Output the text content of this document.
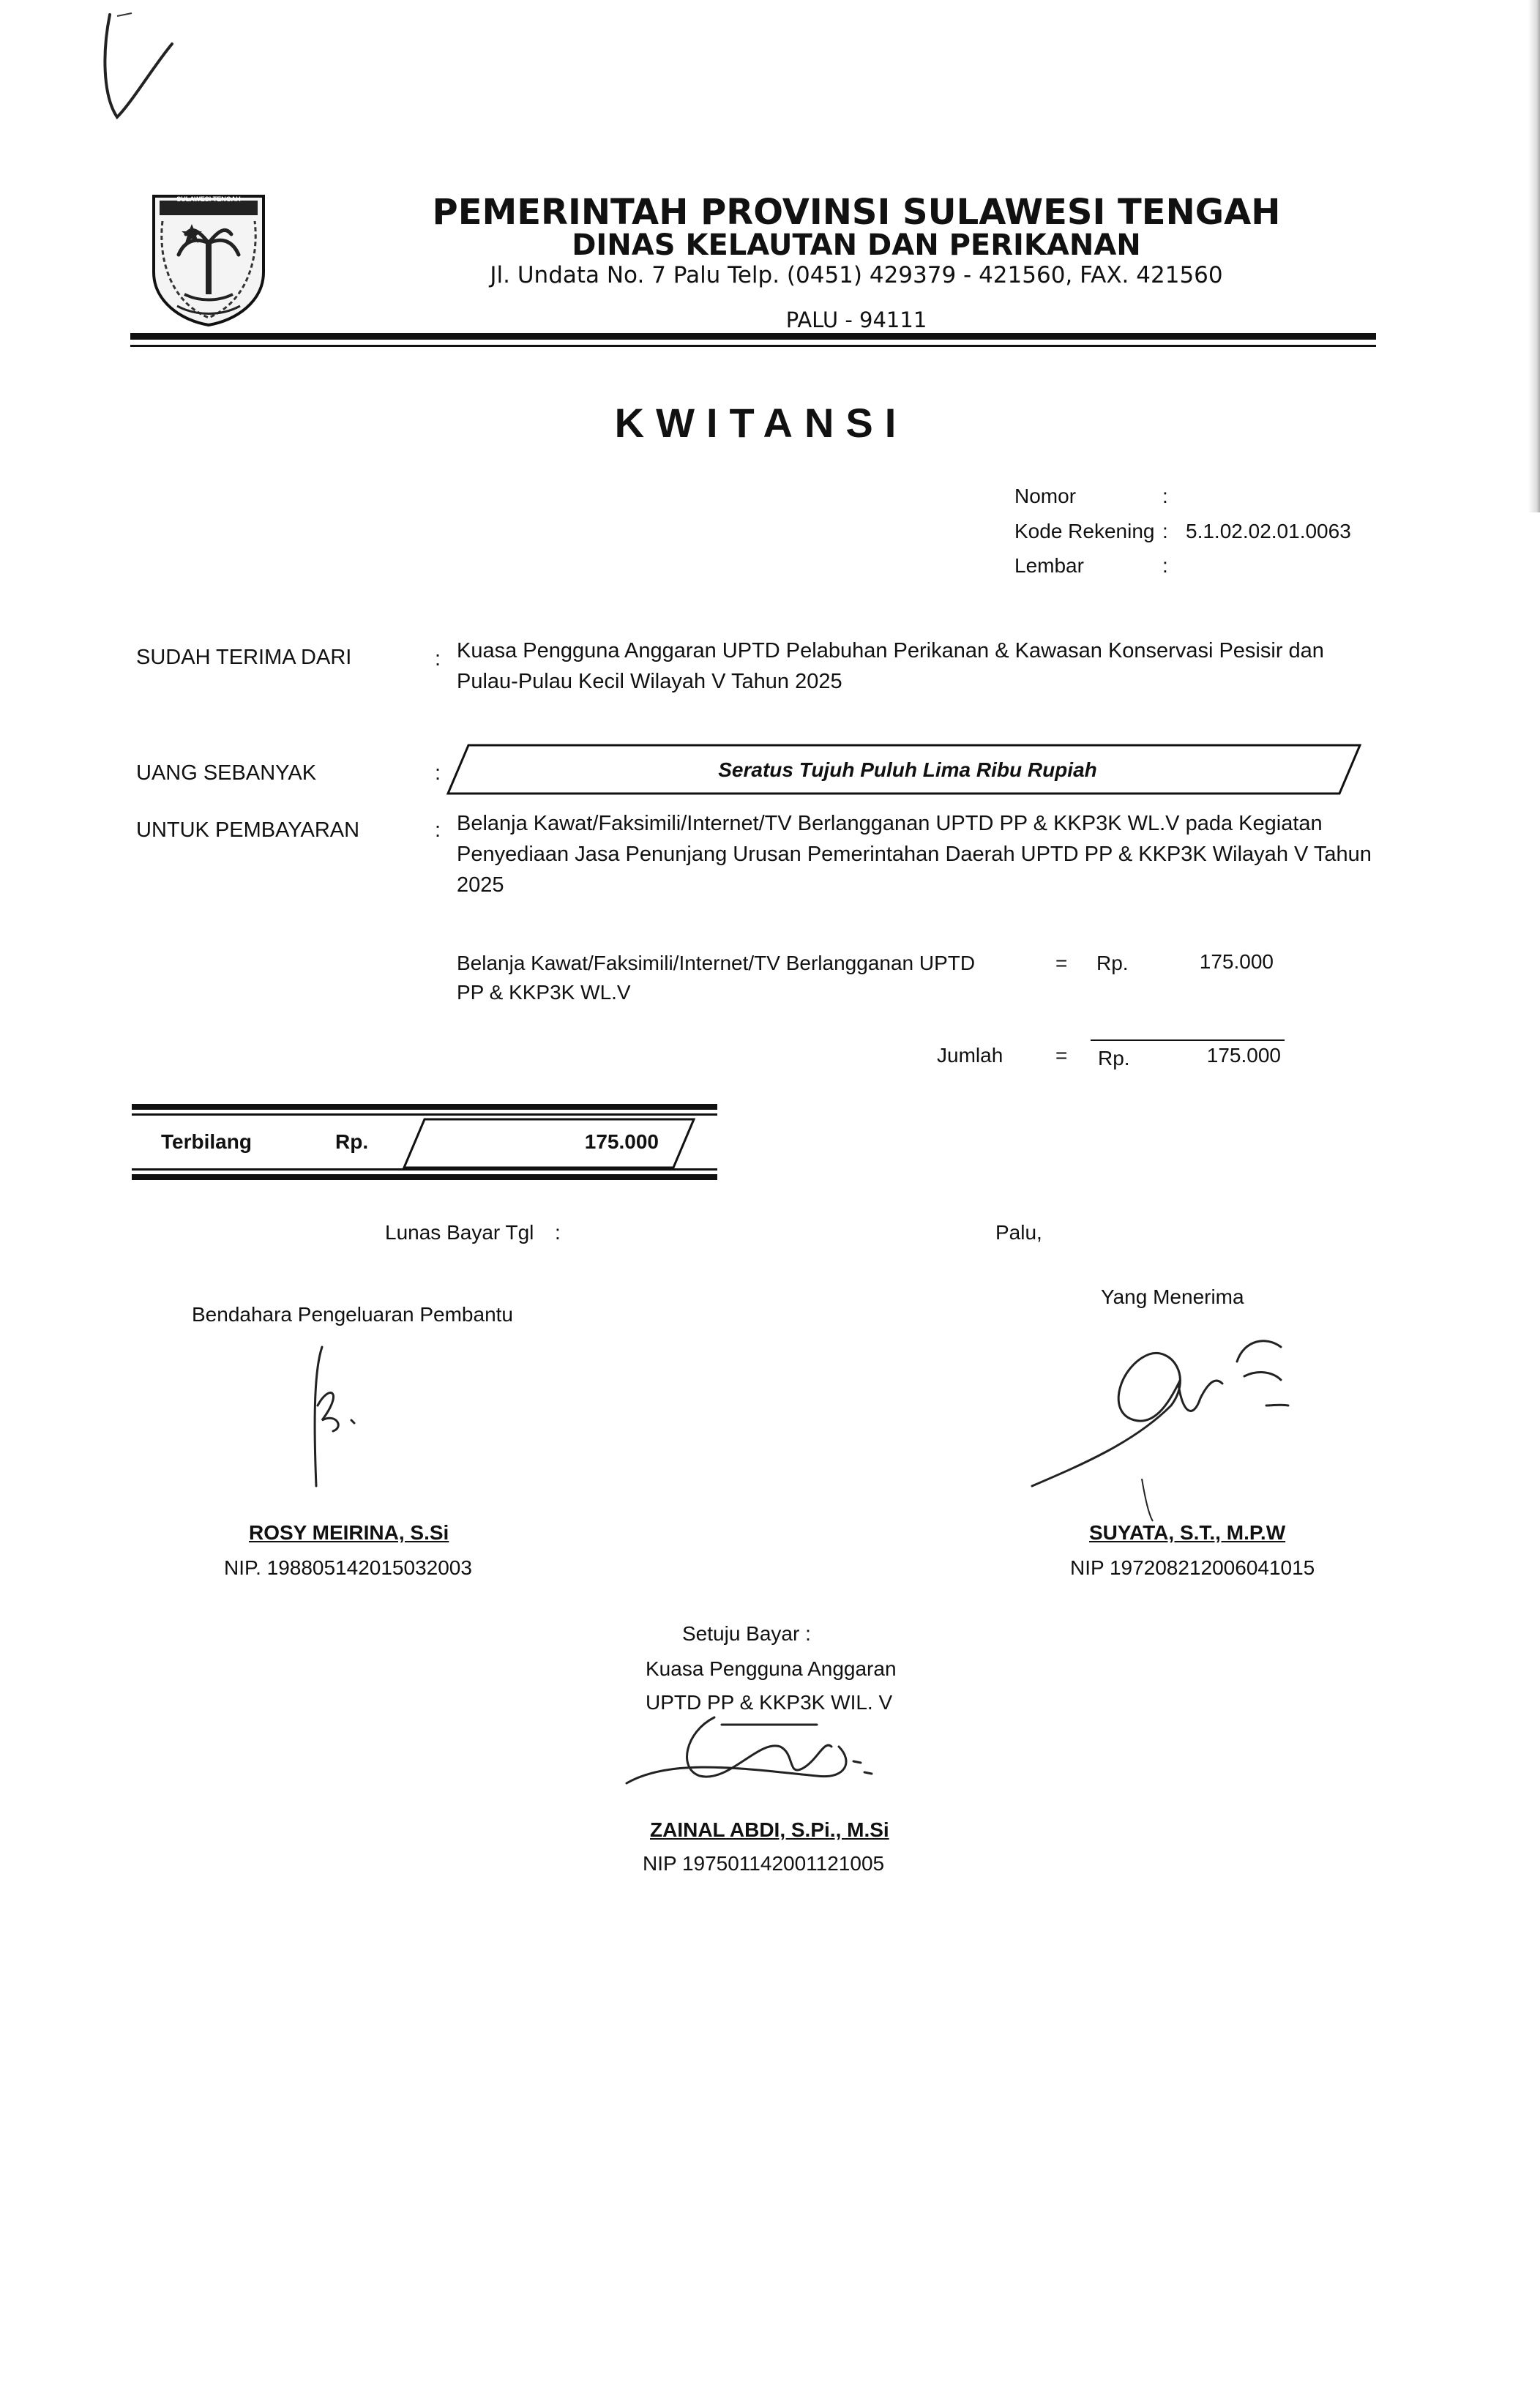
SULAWESI TENGAH	PEMERINTAH PROVINSI SULAWESI TENGAH
DINAS KELAUTAN DAN PERIKANAN
Jl. Undata No. 7 Palu Telp. (0451) 429379 - 421560, FAX. 421560
PALU - 94111
KWITANSI
Nomor	:
Kode Rekening : 5.1.02.02.01.0063
Lembar	:
SUDAH TERIMA DARI	: Kuasa Pengguna Anggaran UPTD Pelabuhan Perikanan & Kawasan Konservasi Pesisir dan Pulau-Pulau Kecil Wilayah V Tahun 2025
UANG SEBANYAK	:	Seratus Tujuh Puluh Lima Ribu Rupiah
UNTUK PEMBAYARAN	: Belanja Kawat/Faksimili/Internet/TV Berlangganan UPTD PP & KKP3K WL.V pada Kegiatan Penyediaan Jasa Penunjang Urusan Pemerintahan Daerah UPTD PP & KKP3K Wilayah V Tahun 2025
Belanja Kawat/Faksimili/Internet/TV Berlangganan UPTD PP & KKP3K WL.V
= Rp.	175.000
Jumlah	= Rp.	175.000
Terbilang	Rp.	175.000
Lunas Bayar Tgl :	Palu,
Bendahara Pengeluaran Pembantu
ROSY MEIRINA, S.Si
NIP. 198805142015032003
Yang Menerima
SUYATA, S.T., M.P.W
NIP 197208212006041015
Setuju Bayar :
Kuasa Pengguna Anggaran
UPTD PP & KKP3K WIL. V
ZAINAL ABDI, S.Pi., M.Si
NIP 197501142001121005
